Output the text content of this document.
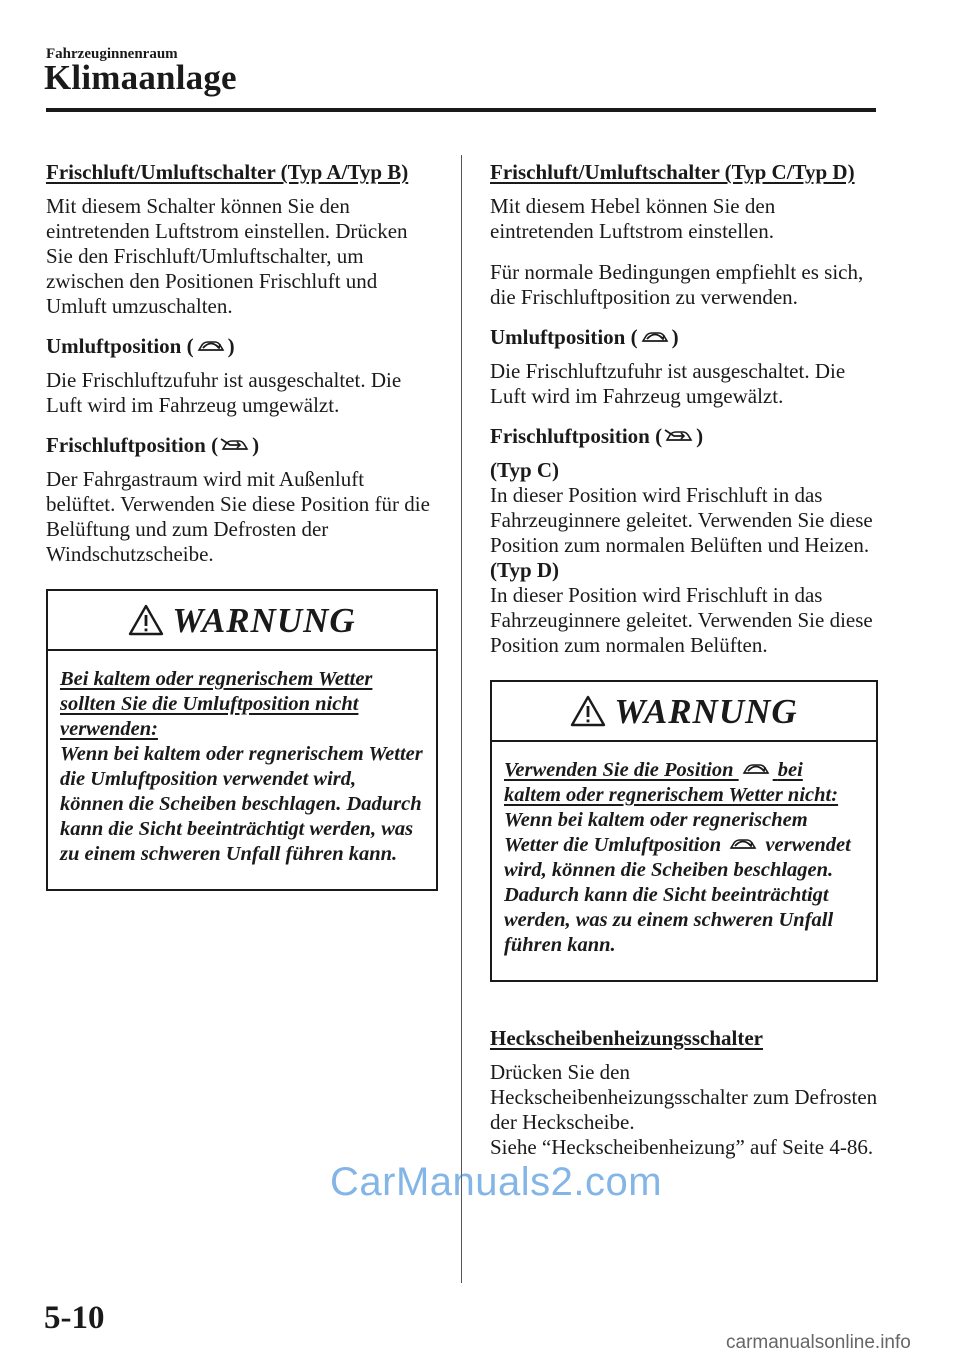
Fahrzeuginnenraum
Klimaanlage
Frischluft/Umluftschalter (Typ A/Typ B)
Mit diesem Schalter können Sie den eintretenden Luftstrom einstellen. Drücken Sie den Frischluft/Umluftschalter, um zwischen den Positionen Frischluft und Umluft umzuschalten.
Umluftposition ( )
Die Frischluftzufuhr ist ausgeschaltet. Die Luft wird im Fahrzeug umgewälzt.
Frischluftposition ( )
Der Fahrgastraum wird mit Außenluft belüftet. Verwenden Sie diese Position für die Belüftung und zum Defrosten der Windschutzscheibe.
WARNUNG
Bei kaltem oder regnerischem Wetter sollten Sie die Umluftposition nicht verwenden:
Wenn bei kaltem oder regnerischem Wetter die Umluftposition verwendet wird, können die Scheiben beschlagen. Dadurch kann die Sicht beeinträchtigt werden, was zu einem schweren Unfall führen kann.
Frischluft/Umluftschalter (Typ C/Typ D)
Mit diesem Hebel können Sie den eintretenden Luftstrom einstellen.
Für normale Bedingungen empfiehlt es sich, die Frischluftposition zu verwenden.
Umluftposition ( )
Die Frischluftzufuhr ist ausgeschaltet. Die Luft wird im Fahrzeug umgewälzt.
Frischluftposition ( )
(Typ C)
In dieser Position wird Frischluft in das Fahrzeuginnere geleitet. Verwenden Sie diese Position zum normalen Belüften und Heizen.
(Typ D)
In dieser Position wird Frischluft in das Fahrzeuginnere geleitet. Verwenden Sie diese Position zum normalen Belüften.
WARNUNG
Verwenden Sie die Position bei kaltem oder regnerischem Wetter nicht:
Wenn bei kaltem oder regnerischem Wetter die Umluftposition verwendet wird, können die Scheiben beschlagen. Dadurch kann die Sicht beeinträchtigt werden, was zu einem schweren Unfall führen kann.
Heckscheibenheizungsschalter
Drücken Sie den Heckscheibenheizungsschalter zum Defrosten der Heckscheibe.
Siehe “Heckscheibenheizung” auf Seite 4-86.
5-10
CarManuals2.com
carmanualsonline.info
